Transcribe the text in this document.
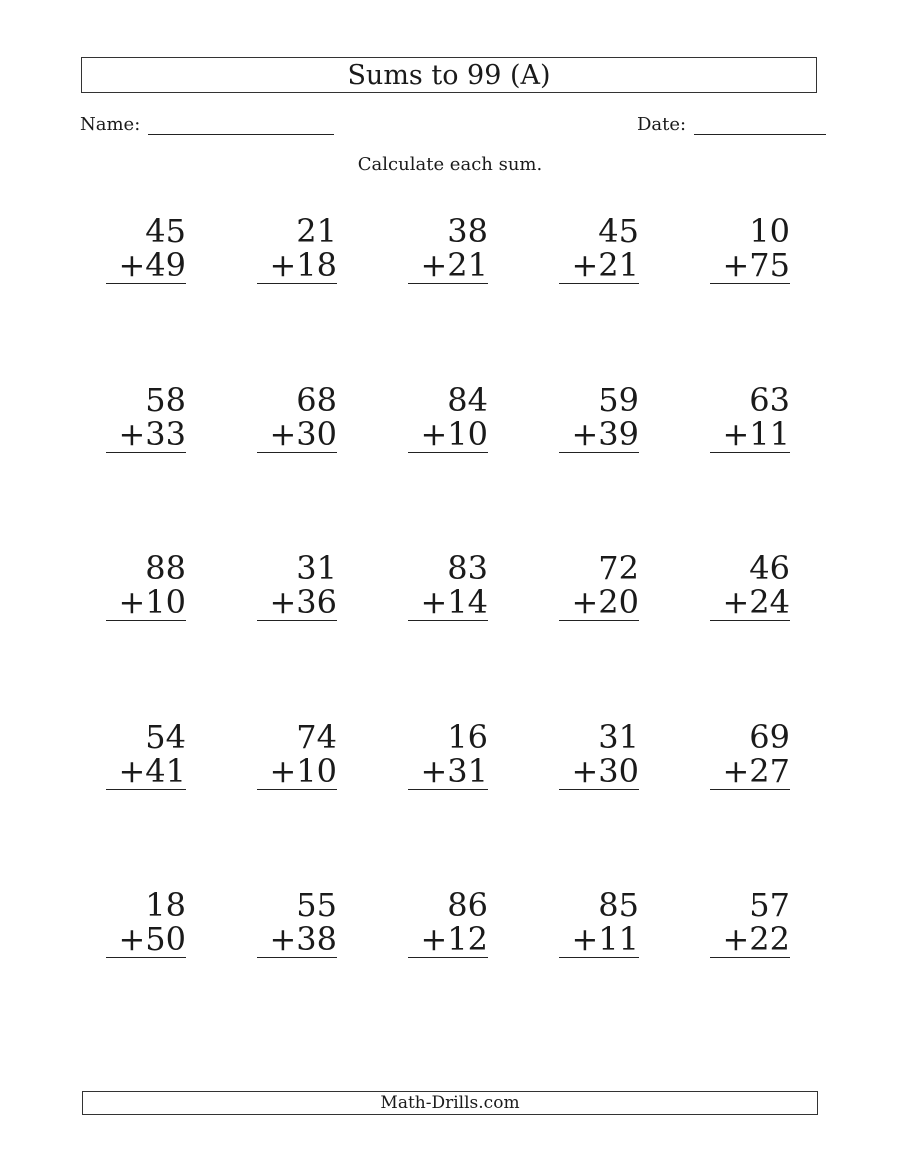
Sums to 99 (A)
Name:	Date:
Calculate each sum.
45
+49
21
+18
38
+21
45
+21
10
+75
58
+33
68
+30
84
+10
59
+39
63
+11
88
+10
31
+36
83
+14
72
+20
46
+24
54
+41
74
+10
16
+31
31
+30
69
+27
18
+50
55
+38
86
+12
85
+11
57
+22
Math-Drills.com
